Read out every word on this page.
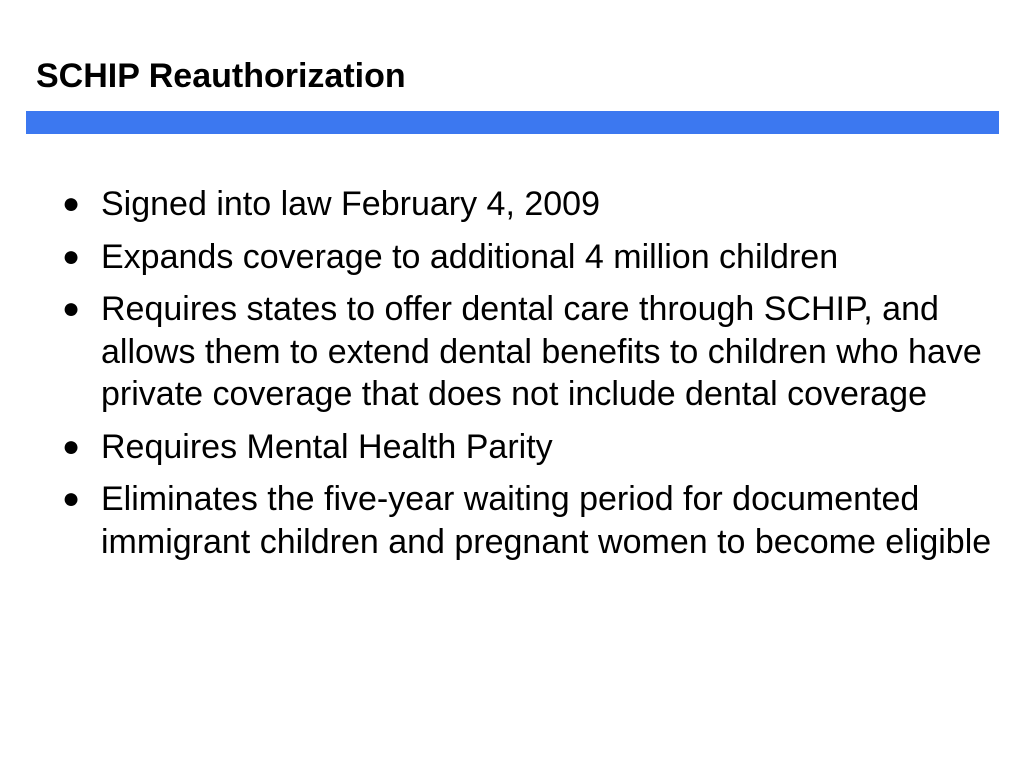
SCHIP Reauthorization
● Signed into law February 4, 2009
● Expands coverage to additional 4 million children
● Requires states to offer dental care through SCHIP, and allows them to extend dental benefits to children who have private coverage that does not include dental coverage
● Requires Mental Health Parity
● Eliminates the five-year waiting period for documented immigrant children and pregnant women to become eligible
